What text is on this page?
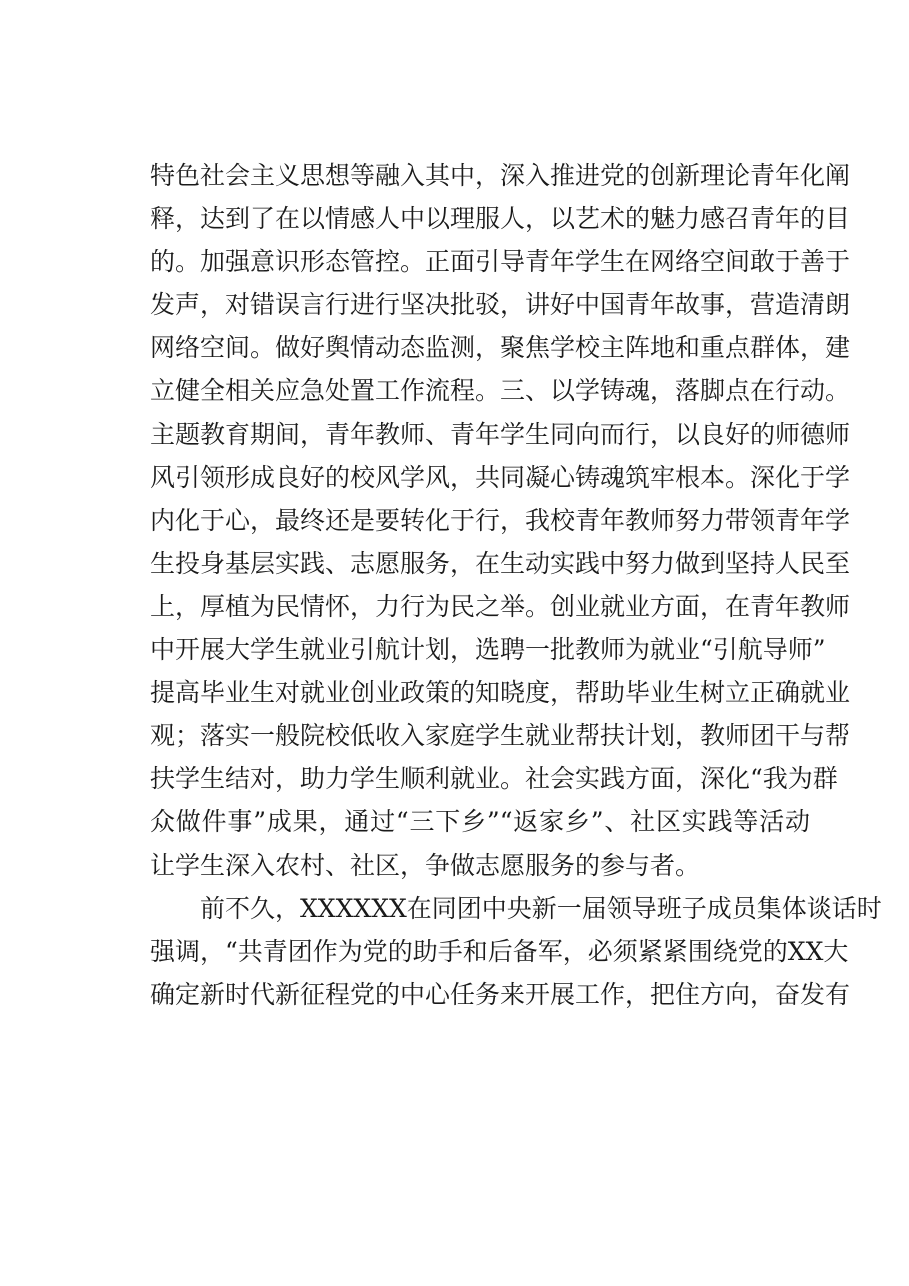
特色社会主义思想等融入其中，深入推进党的创新理论青年化阐
释，达到了在以情感人中以理服人，以艺术的魅力感召青年的目
的。加强意识形态管控。正面引导青年学生在网络空间敢于善于
发声，对错误言行进行坚决批驳，讲好中国青年故事，营造清朗
网络空间。做好舆情动态监测，聚焦学校主阵地和重点群体，建
立健全相关应急处置工作流程。三、以学铸魂，落脚点在行动。
主题教育期间，青年教师、青年学生同向而行，以良好的师德师
风引领形成良好的校风学风，共同凝心铸魂筑牢根本。深化于学
内化于心，最终还是要转化于行，我校青年教师努力带领青年学
生投身基层实践、志愿服务，在生动实践中努力做到坚持人民至
上，厚植为民情怀，力行为民之举。创业就业方面，在青年教师
中开展大学生就业引航计划，选聘一批教师为就业“引航导师”
提高毕业生对就业创业政策的知晓度，帮助毕业生树立正确就业
观；落实一般院校低收入家庭学生就业帮扶计划，教师团干与帮
扶学生结对，助力学生顺利就业。社会实践方面，深化“我为群
众做件事”成果，通过“三下乡”“返家乡”、社区实践等活动
让学生深入农村、社区，争做志愿服务的参与者。
前不久，XXXXXX在同团中央新一届领导班子成员集体谈话时
强调，“共青团作为党的助手和后备军，必须紧紧围绕党的XX大
确定新时代新征程党的中心任务来开展工作，把住方向，奋发有
